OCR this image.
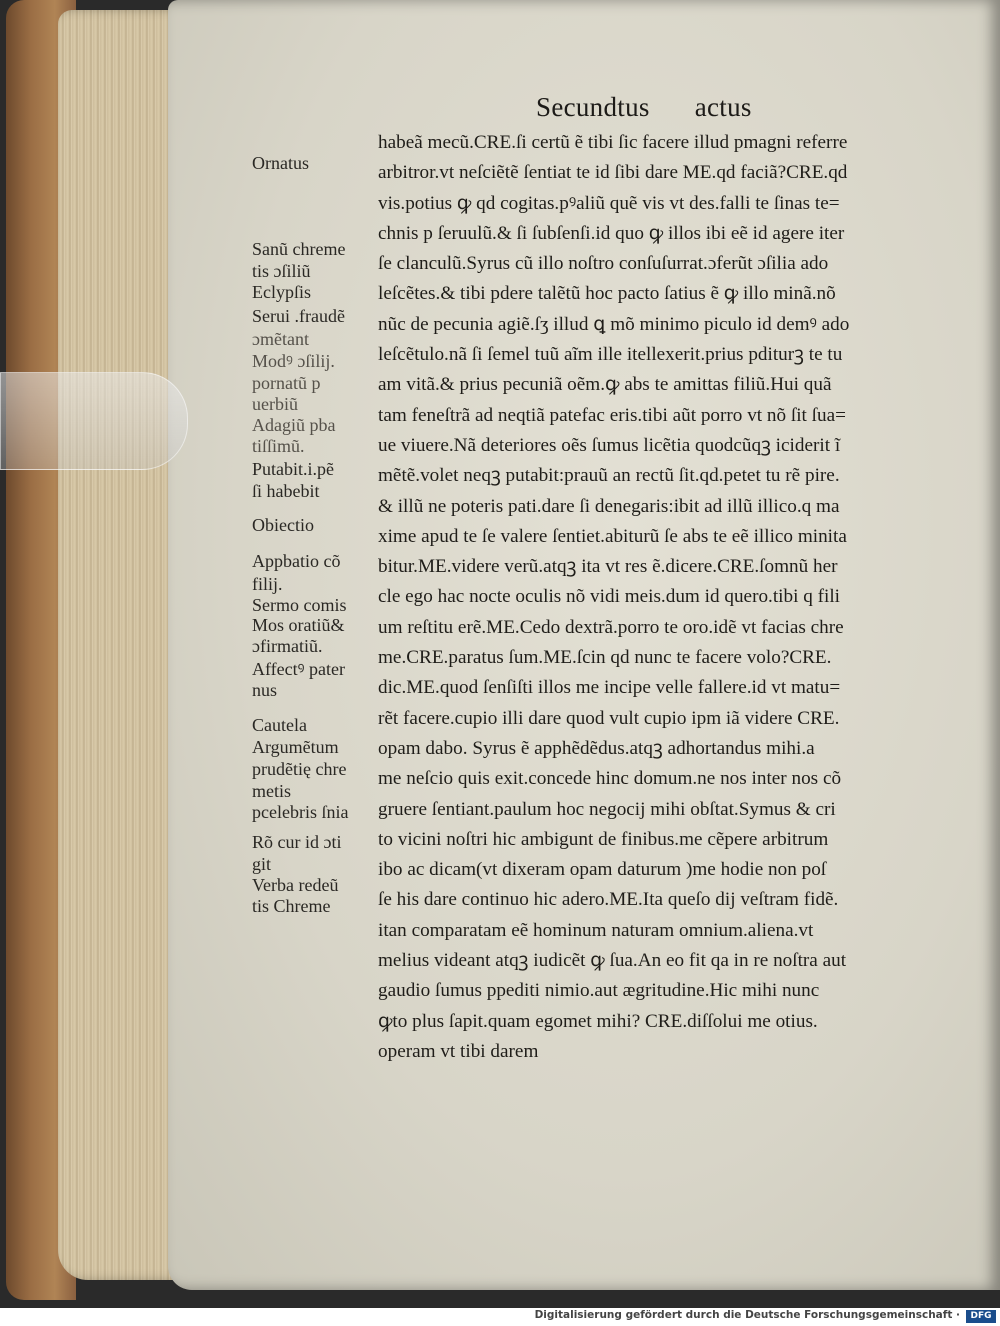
Secundtus actus
Ornatus
Sanũ chreme
tis ɔſiliũ
Eclypſis
Serui .fraudẽ
ɔmẽtant
Modꝰ ɔſilij.
pornatũ p
uerbiũ
Adagiũ pba
tiſſimũ.
Putabit.i.pẽ
ſi habebit
Obiectio
Appbatio cõ
filij.
Sermo comis
Mos oratiũ&
ɔfirmatiũ.
Affectꝰ pater
nus
Cautela
Argumẽtum
prudẽtię chre
metis
pcelebris ſnia
Rõ cur id ɔti
git
Verba redeũ
tis Chreme
habeã mecũ.CRE.ſi certũ ẽ tibi ſic facere illud pmagni referre
arbitror.vt neſciẽtẽ ſentiat te id ſibi dare ME.qd faciã?CRE.qd
vis.potius ꝙ qd cogitas.pꝰaliũ quẽ vis vt des.falli te ſinas te=
chnis p ſeruulũ.& ſi ſubſenſi.id quo ꝙ illos ibi eẽ id agere iter
ſe clanculũ.Syrus cũ illo noſtro conſuſurrat.ɔferũt ɔſilia ado
leſcẽtes.& tibi pdere talẽtũ hoc pacto ſatius ẽ ꝙ illo minã.nõ
nũc de pecunia agiẽ.ſʒ illud ꝗ mõ minimo piculo id demꝰ ado
leſcẽtulo.nã ſi ſemel tuũ aĩm ille itellexerit.prius pditurꝫ te tu
am vitã.& prius pecuniã oẽm.ꝙ abs te amittas filiũ.Hui quã
tam feneſtrã ad neqtiã patefac eris.tibi aũt porro vt nõ ſit ſua=
ue viuere.Nã deteriores oẽs ſumus licẽtia quodcũqꝫ iciderit ĩ
mẽtẽ.volet neqꝫ putabit:prauũ an rectũ ſit.qd.petet tu rẽ pire.
& illũ ne poteris pati.dare ſi denegaris:ibit ad illũ illico.q ma
xime apud te ſe valere ſentiet.abiturũ ſe abs te eẽ illico minita
bitur.ME.videre verũ.atqꝫ ita vt res ẽ.dicere.CRE.ſomnũ her
cle ego hac nocte oculis nõ vidi meis.dum id quero.tibi q fili
um reſtitu erẽ.ME.Cedo dextrã.porro te oro.idẽ vt facias chre
me.CRE.paratus ſum.ME.ſcin qd nunc te facere volo?CRE.
dic.ME.quod ſenſiſti illos me incipe velle fallere.id vt matu=
rẽt facere.cupio illi dare quod vult cupio ipm iã videre CRE.
opam dabo. Syrus ẽ apphẽdẽdus.atqꝫ adhortandus mihi.a
me neſcio quis exit.concede hinc domum.ne nos inter nos cõ
gruere ſentiant.paulum hoc negocij mihi obſtat.Symus & cri
to vicini noſtri hic ambigunt de finibus.me cẽpere arbitrum
ibo ac dicam(vt dixeram opam daturum )me hodie non poſ
ſe his dare continuo hic adero.ME.Ita queſo dij veſtram fidẽ.
itan comparatam eẽ hominum naturam omnium.aliena.vt
melius videant atqꝫ iudicẽt ꝙ ſua.An eo fit qa in re noſtra aut
gaudio ſumus ppediti nimio.aut ægritudine.Hic mihi nunc
ꝙto plus ſapit.quam egomet mihi? CRE.diſſolui me otius.
operam vt tibi darem
Digitalisierung gefördert durch die Deutsche Forschungsgemeinschaft ·	DFG
